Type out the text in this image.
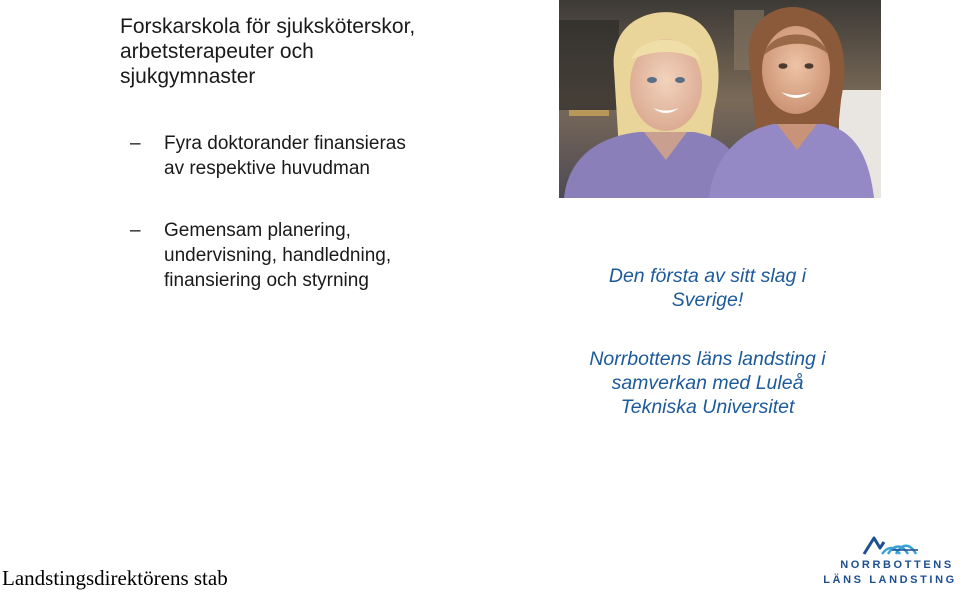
Forskarskola för sjuksköterskor,
arbetsterapeuter och
sjukgymnaster
– Fyra doktorander finansieras
av respektive huvudman
– Gemensam planering,
undervisning, handledning,
finansiering och styrning	Den första av sitt slag i
Sverige!
Norrbottens läns landsting i
samverkan med Luleå
Tekniska Universitet
Landstingsdirektörens stab
NORRBOTTENS
LÄNS LANDSTING
